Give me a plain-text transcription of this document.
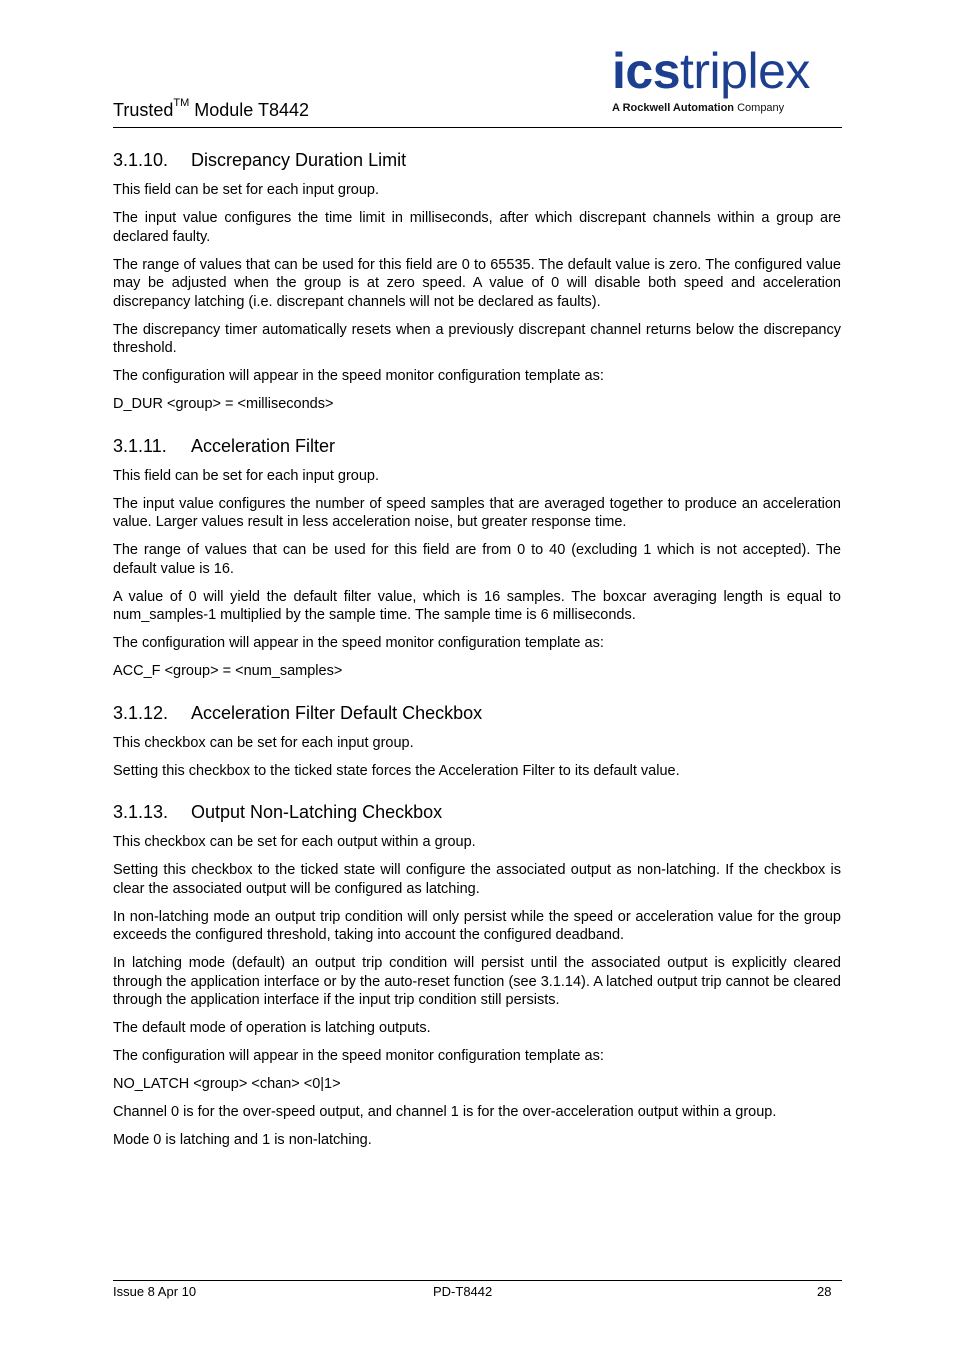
Trusted™ Module T8442
icstriplex
A Rockwell Automation Company
3.1.10. Discrepancy Duration Limit

This field can be set for each input group.

The input value configures the time limit in milliseconds, after which discrepant channels within a group are declared faulty.

The range of values that can be used for this field are 0 to 65535. The default value is zero. The configured value may be adjusted when the group is at zero speed. A value of 0 will disable both speed and acceleration discrepancy latching (i.e. discrepant channels will not be declared as faults).

The discrepancy timer automatically resets when a previously discrepant channel returns below the discrepancy threshold.

The configuration will appear in the speed monitor configuration template as:

D_DUR <group> = <milliseconds>

3.1.11. Acceleration Filter

This field can be set for each input group.

The input value configures the number of speed samples that are averaged together to produce an acceleration value. Larger values result in less acceleration noise, but greater response time.

The range of values that can be used for this field are from 0 to 40 (excluding 1 which is not accepted). The default value is 16.

A value of 0 will yield the default filter value, which is 16 samples. The boxcar averaging length is equal to num_samples-1 multiplied by the sample time. The sample time is 6 milliseconds.

The configuration will appear in the speed monitor configuration template as:

ACC_F <group> = <num_samples>

3.1.12. Acceleration Filter Default Checkbox

This checkbox can be set for each input group.

Setting this checkbox to the ticked state forces the Acceleration Filter to its default value.

3.1.13. Output Non-Latching Checkbox

This checkbox can be set for each output within a group.

Setting this checkbox to the ticked state will configure the associated output as non-latching. If the checkbox is clear the associated output will be configured as latching.

In non-latching mode an output trip condition will only persist while the speed or acceleration value for the group exceeds the configured threshold, taking into account the configured deadband.

In latching mode (default) an output trip condition will persist until the associated output is explicitly cleared through the application interface or by the auto-reset function (see 3.1.14). A latched output trip cannot be cleared through the application interface if the input trip condition still persists.

The default mode of operation is latching outputs.

The configuration will appear in the speed monitor configuration template as:

NO_LATCH <group> <chan> <0|1>

Channel 0 is for the over-speed output, and channel 1 is for the over-acceleration output within a group.

Mode 0 is latching and 1 is non-latching.

Issue 8 Apr 10	PD-T8442	28
